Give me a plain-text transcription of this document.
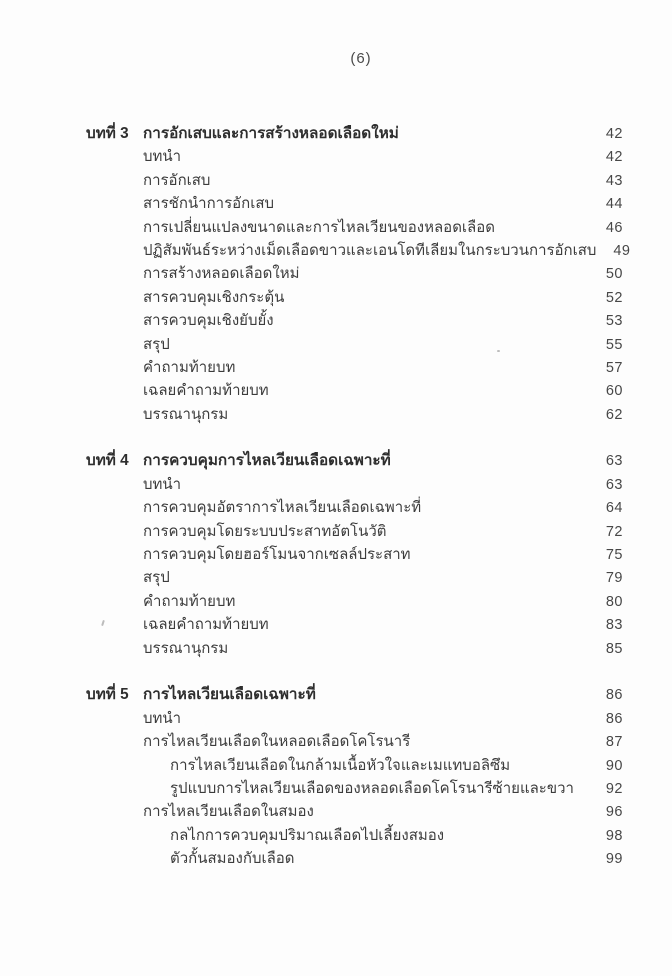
(6)
บทที่ 3 การอักเสบและการสร้างหลอดเลือดใหม่	42
บทนำ	42
การอักเสบ	43
สารชักนำการอักเสบ	44
การเปลี่ยนแปลงขนาดและการไหลเวียนของหลอดเลือด	46
ปฏิสัมพันธ์ระหว่างเม็ดเลือดขาวและเอนโดทีเลียมในกระบวนการอักเสบ	49
การสร้างหลอดเลือดใหม่	50
สารควบคุมเชิงกระตุ้น	52
สารควบคุมเชิงยับยั้ง	53
สรุป	55
คำถามท้ายบท	57
เฉลยคำถามท้ายบท	60
บรรณานุกรม	62
บทที่ 4 การควบคุมการไหลเวียนเลือดเฉพาะที่	63
บทนำ	63
การควบคุมอัตราการไหลเวียนเลือดเฉพาะที่	64
การควบคุมโดยระบบประสาทอัตโนวัติ	72
การควบคุมโดยฮอร์โมนจากเซลล์ประสาท	75
สรุป	79
คำถามท้ายบท	80
เฉลยคำถามท้ายบท	83
บรรณานุกรม	85
บทที่ 5 การไหลเวียนเลือดเฉพาะที่	86
บทนำ	86
การไหลเวียนเลือดในหลอดเลือดโคโรนารี	87
การไหลเวียนเลือดในกล้ามเนื้อหัวใจและเมแทบอลิซึม	90
รูปแบบการไหลเวียนเลือดของหลอดเลือดโคโรนารีซ้ายและขวา	92
การไหลเวียนเลือดในสมอง	96
กลไกการควบคุมปริมาณเลือดไปเลี้ยงสมอง	98
ตัวกั้นสมองกับเลือด	99
